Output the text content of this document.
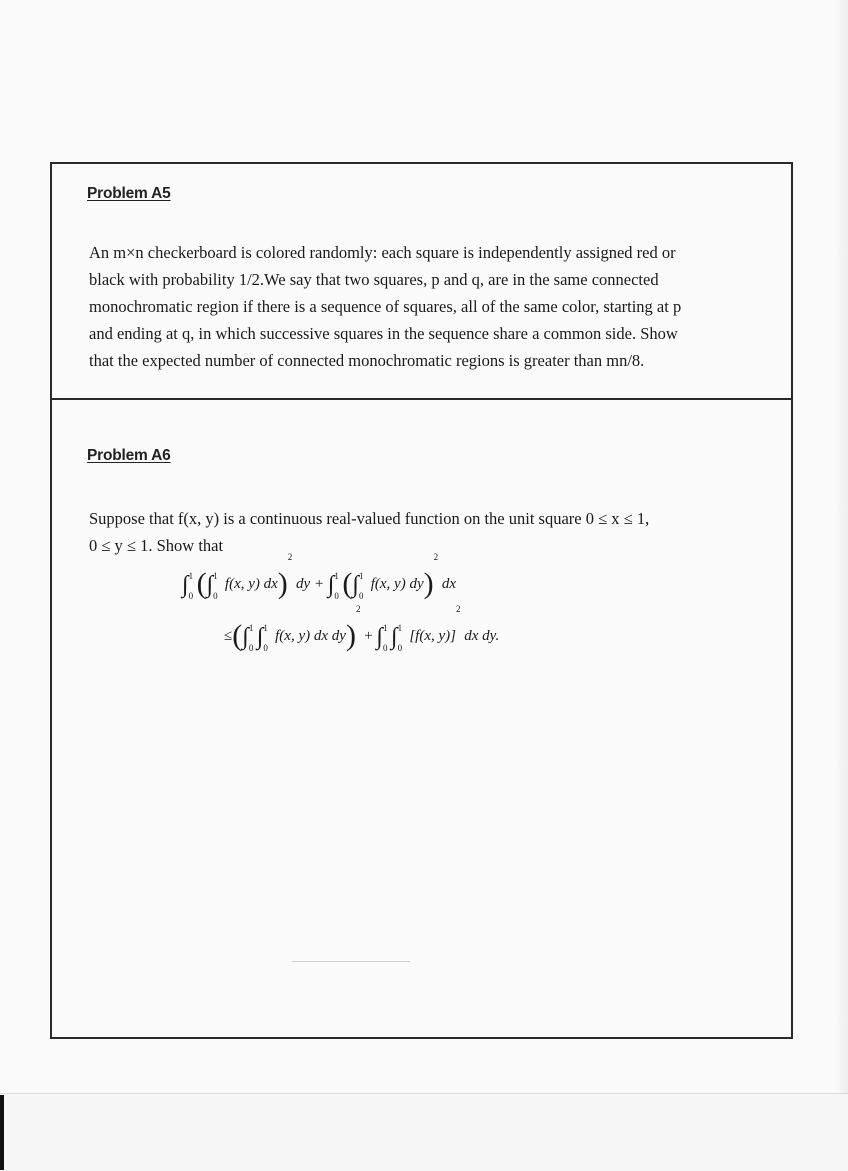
Problem A5
An m×n checkerboard is colored randomly: each square is independently assigned red or
black with probability 1/2.We say that two squares, p and q, are in the same connected
monochromatic region if there is a sequence of squares, all of the same color, starting at p
and ending at q, in which successive squares in the sequence share a common side. Show
that the expected number of connected monochromatic regions is greater than mn/8.
Problem A6
Suppose that f(x, y) is a continuous real-valued function on the unit square 0 ≤ x ≤ 1,
0 ≤ y ≤ 1. Show that
∫ 1
0 (∫ 1
0
f(x, y) dx)$^2$ dy + ∫ 1
0 (∫ 1
0
f(x, y) dy)$^2$ dx
≤(∫ 1
0 ∫ 1
0
f(x, y) dx dy)$^2$ + ∫ 1
0 ∫ 1
0
[f(x, y)]$^2$ dx dy.
